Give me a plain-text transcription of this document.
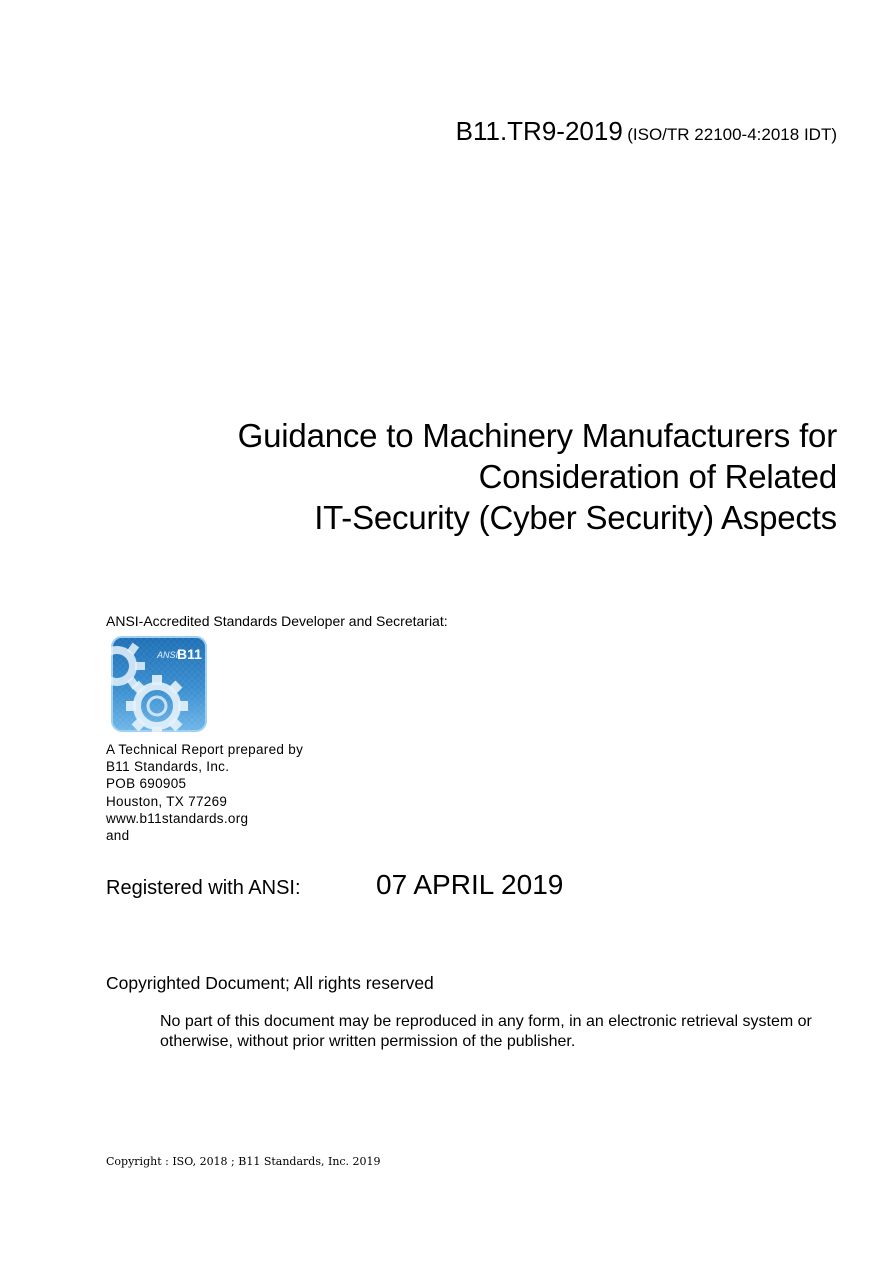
B11.TR9-2019 (ISO/TR 22100-4:2018 IDT)
Guidance to Machinery Manufacturers for
Consideration of Related
IT-Security (Cyber Security) Aspects
ANSI-Accredited Standards Developer and Secretariat:
ANSI
B11
A Technical Report prepared by
B11 Standards, Inc.
POB 690905
Houston, TX 77269
www.b11standards.org
and
Registered with ANSI:	07 APRIL 2019
Copyrighted Document; All rights reserved
No part of this document may be reproduced in any form, in an electronic retrieval system or otherwise, without prior written permission of the publisher.
Copyright : ISO, 2018 ; B11 Standards, Inc. 2019
